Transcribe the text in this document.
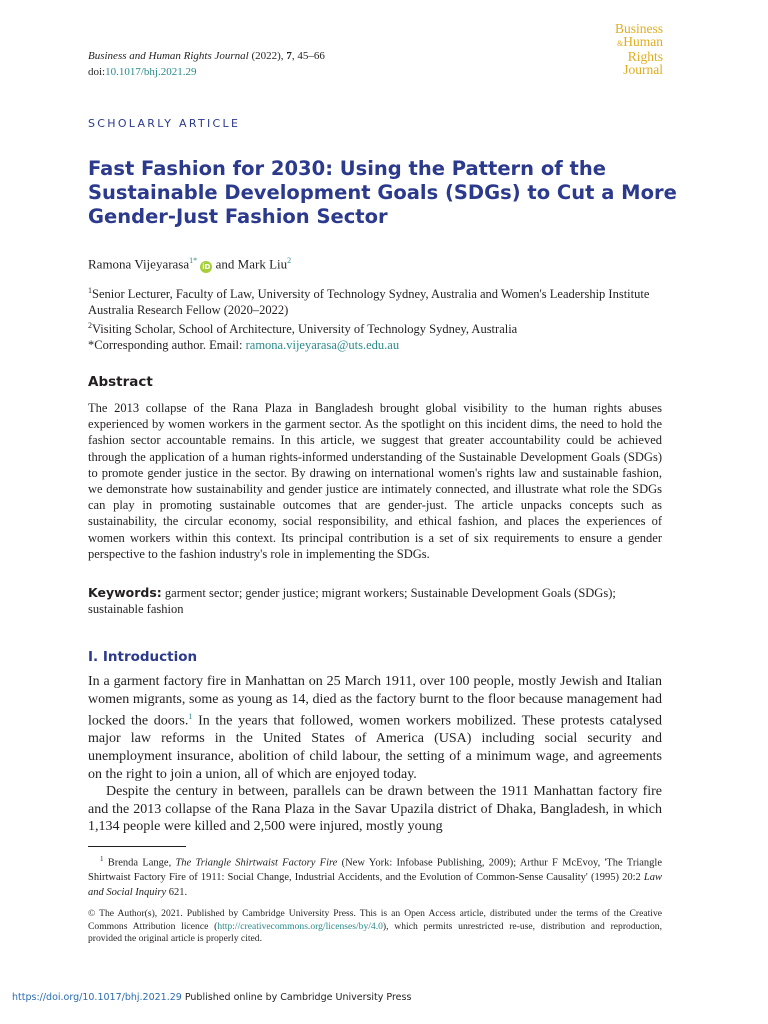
Business
&Human
Rights
Journal
Business and Human Rights Journal (2022), 7, 45–66
doi:10.1017/bhj.2021.29
SCHOLARLY ARTICLE
Fast Fashion for 2030: Using the Pattern of the Sustainable Development Goals (SDGs) to Cut a More Gender-Just Fashion Sector
Ramona Vijeyarasa$^{1*}$ iD and Mark Liu$^2$
$^1$Senior Lecturer, Faculty of Law, University of Technology Sydney, Australia and Women's Leadership Institute Australia Research Fellow (2020–2022)
$^2$Visiting Scholar, School of Architecture, University of Technology Sydney, Australia
*Corresponding author. Email: ramona.vijeyarasa@uts.edu.au
Abstract

The 2013 collapse of the Rana Plaza in Bangladesh brought global visibility to the human rights abuses experienced by women workers in the garment sector. As the spotlight on this incident dims, the need to hold the fashion sector accountable remains. In this article, we suggest that greater accountability could be achieved through the application of a human rights-informed understanding of the Sustainable Development Goals (SDGs) to promote gender justice in the sector. By drawing on international women's rights law and sustainable fashion, we demonstrate how sustainability and gender justice are intimately connected, and illustrate what role the SDGs can play in promoting sustainable outcomes that are gender-just. The article unpacks concepts such as sustainability, the circular economy, social responsibility, and ethical fashion, and places the experiences of women workers within this context. Its principal contribution is a set of six requirements to ensure a gender perspective to the fashion industry's role in implementing the SDGs.

Keywords: garment sector; gender justice; migrant workers; Sustainable Development Goals (SDGs); sustainable fashion

I. Introduction

In a garment factory fire in Manhattan on 25 March 1911, over 100 people, mostly Jewish and Italian women migrants, some as young as 14, died as the factory burnt to the floor because management had locked the doors.$^1$ In the years that followed, women workers mobilized. These protests catalysed major law reforms in the United States of America (USA) including social security and unemployment insurance, abolition of child labour, the setting of a minimum wage, and agreements on the right to join a union, all of which are enjoyed today.

Despite the century in between, parallels can be drawn between the 1911 Manhattan factory fire and the 2013 collapse of the Rana Plaza in the Savar Upazila district of Dhaka, Bangladesh, in which 1,134 people were killed and 2,500 were injured, mostly young

$^1$ Brenda Lange, The Triangle Shirtwaist Factory Fire (New York: Infobase Publishing, 2009); Arthur F McEvoy, 'The Triangle Shirtwaist Factory Fire of 1911: Social Change, Industrial Accidents, and the Evolution of Common-Sense Causality' (1995) 20:2 Law and Social Inquiry 621.

© The Author(s), 2021. Published by Cambridge University Press. This is an Open Access article, distributed under the terms of the Creative Commons Attribution licence (http://creativecommons.org/licenses/by/4.0), which permits unrestricted re-use, distribution and reproduction, provided the original article is properly cited.

https://doi.org/10.1017/bhj.2021.29 Published online by Cambridge University Press
